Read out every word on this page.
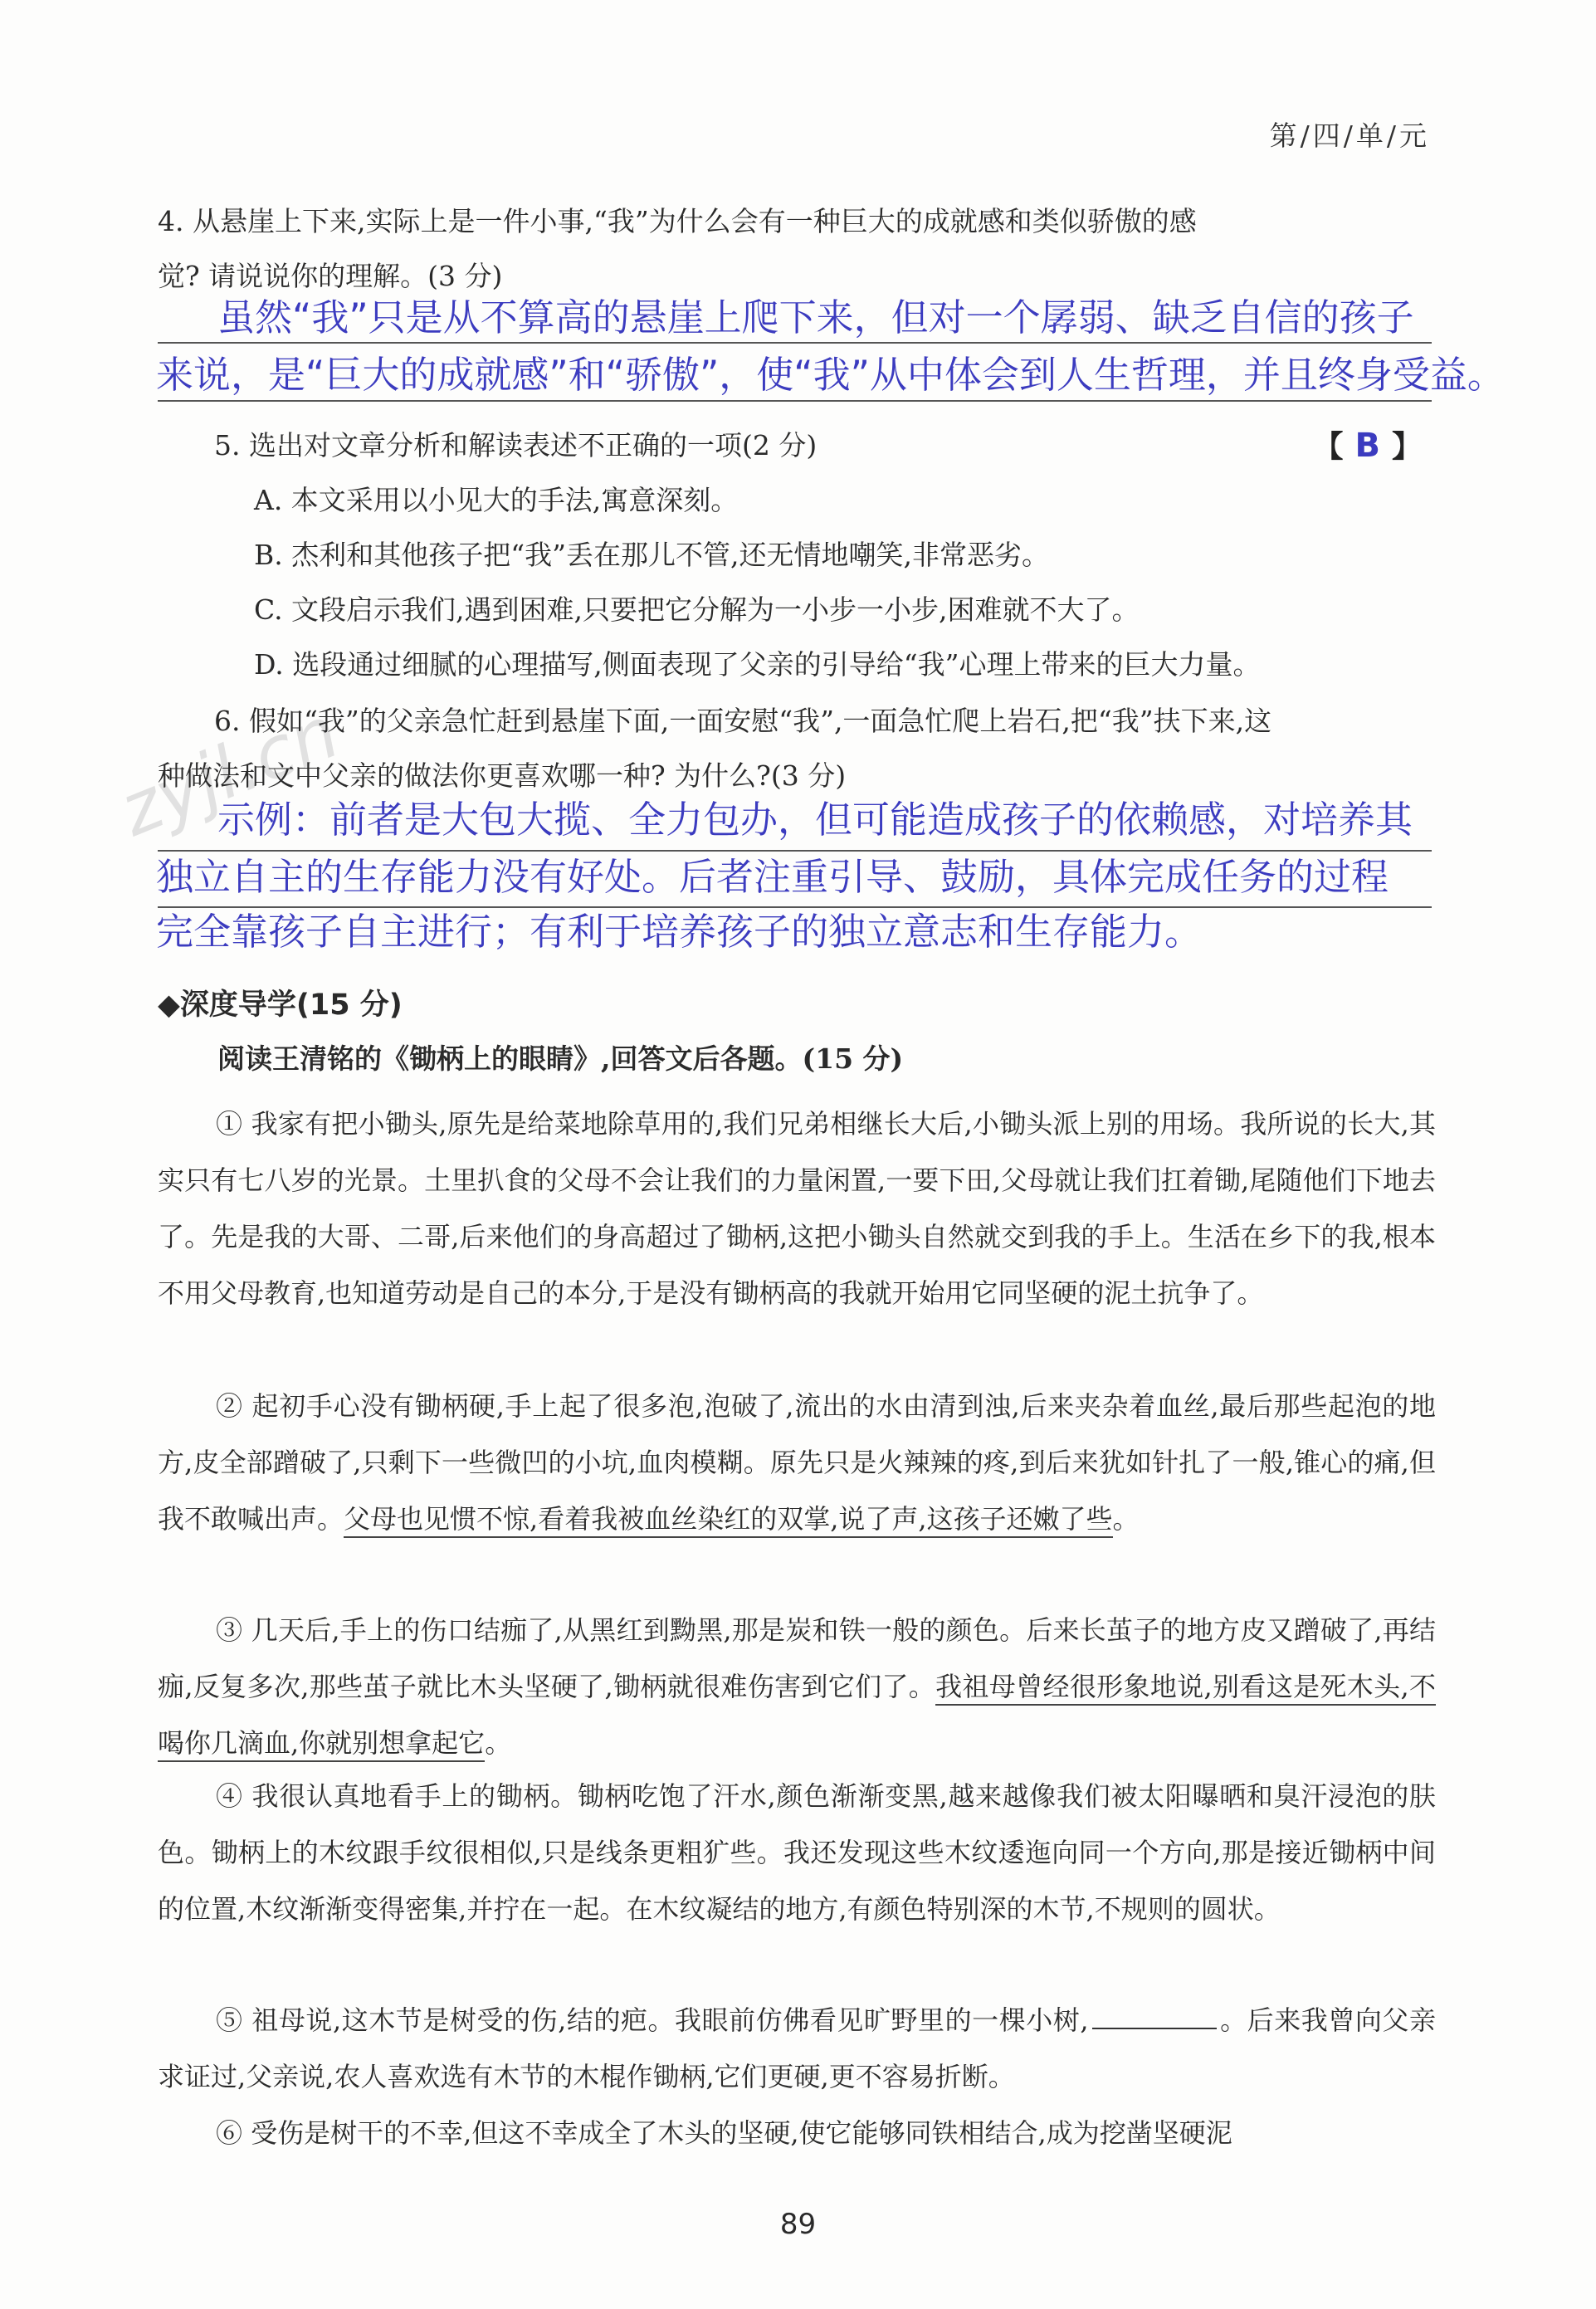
第/四/单/元
zyjl.cn
4. 从悬崖上下来,实际上是一件小事,“我”为什么会有一种巨大的成就感和类似骄傲的感
觉? 请说说你的理解。(3 分)
虽然“我”只是从不算高的悬崖上爬下来，但对一个孱弱、缺乏自信的孩子
来说，是“巨大的成就感”和“骄傲”，使“我”从中体会到人生哲理，并且终身受益。
5. 选出对文章分析和解读表述不正确的一项(2 分)	【 B 】
A. 本文采用以小见大的手法,寓意深刻。
B. 杰利和其他孩子把“我”丢在那儿不管,还无情地嘲笑,非常恶劣。
C. 文段启示我们,遇到困难,只要把它分解为一小步一小步,困难就不大了。
D. 选段通过细腻的心理描写,侧面表现了父亲的引导给“我”心理上带来的巨大力量。
6. 假如“我”的父亲急忙赶到悬崖下面,一面安慰“我”,一面急忙爬上岩石,把“我”扶下来,这
种做法和文中父亲的做法你更喜欢哪一种? 为什么?(3 分)
示例：前者是大包大揽、全力包办，但可能造成孩子的依赖感，对培养其
独立自主的生存能力没有好处。后者注重引导、鼓励，具体完成任务的过程
完全靠孩子自主进行；有利于培养孩子的独立意志和生存能力。
◆深度导学(15 分)
阅读王清铭的《锄柄上的眼睛》,回答文后各题。(15 分)
① 我家有把小锄头,原先是给菜地除草用的,我们兄弟相继长大后,小锄头派上别的用场。我所说的长大,其实只有七八岁的光景。土里扒食的父母不会让我们的力量闲置,一要下田,父母就让我们扛着锄,尾随他们下地去了。先是我的大哥、二哥,后来他们的身高超过了锄柄,这把小锄头自然就交到我的手上。生活在乡下的我,根本不用父母教育,也知道劳动是自己的本分,于是没有锄柄高的我就开始用它同坚硬的泥土抗争了。
② 起初手心没有锄柄硬,手上起了很多泡,泡破了,流出的水由清到浊,后来夹杂着血丝,最后那些起泡的地方,皮全部蹭破了,只剩下一些微凹的小坑,血肉模糊。原先只是火辣辣的疼,到后来犹如针扎了一般,锥心的痛,但我不敢喊出声。父母也见惯不惊,看着我被血丝染红的双掌,说了声,这孩子还嫩了些。
③ 几天后,手上的伤口结痂了,从黑红到黝黑,那是炭和铁一般的颜色。后来长茧子的地方皮又蹭破了,再结痂,反复多次,那些茧子就比木头坚硬了,锄柄就很难伤害到它们了。我祖母曾经很形象地说,别看这是死木头,不喝你几滴血,你就别想拿起它。
④ 我很认真地看手上的锄柄。锄柄吃饱了汗水,颜色渐渐变黑,越来越像我们被太阳曝晒和臭汗浸泡的肤色。锄柄上的木纹跟手纹很相似,只是线条更粗犷些。我还发现这些木纹逶迤向同一个方向,那是接近锄柄中间的位置,木纹渐渐变得密集,并拧在一起。在木纹凝结的地方,有颜色特别深的木节,不规则的圆状。
⑤ 祖母说,这木节是树受的伤,结的疤。我眼前仿佛看见旷野里的一棵小树,	。后来我曾向父亲求证过,父亲说,农人喜欢选有木节的木棍作锄柄,它们更硬,更不容易折断。
⑥ 受伤是树干的不幸,但这不幸成全了木头的坚硬,使它能够同铁相结合,成为挖凿坚硬泥
89
